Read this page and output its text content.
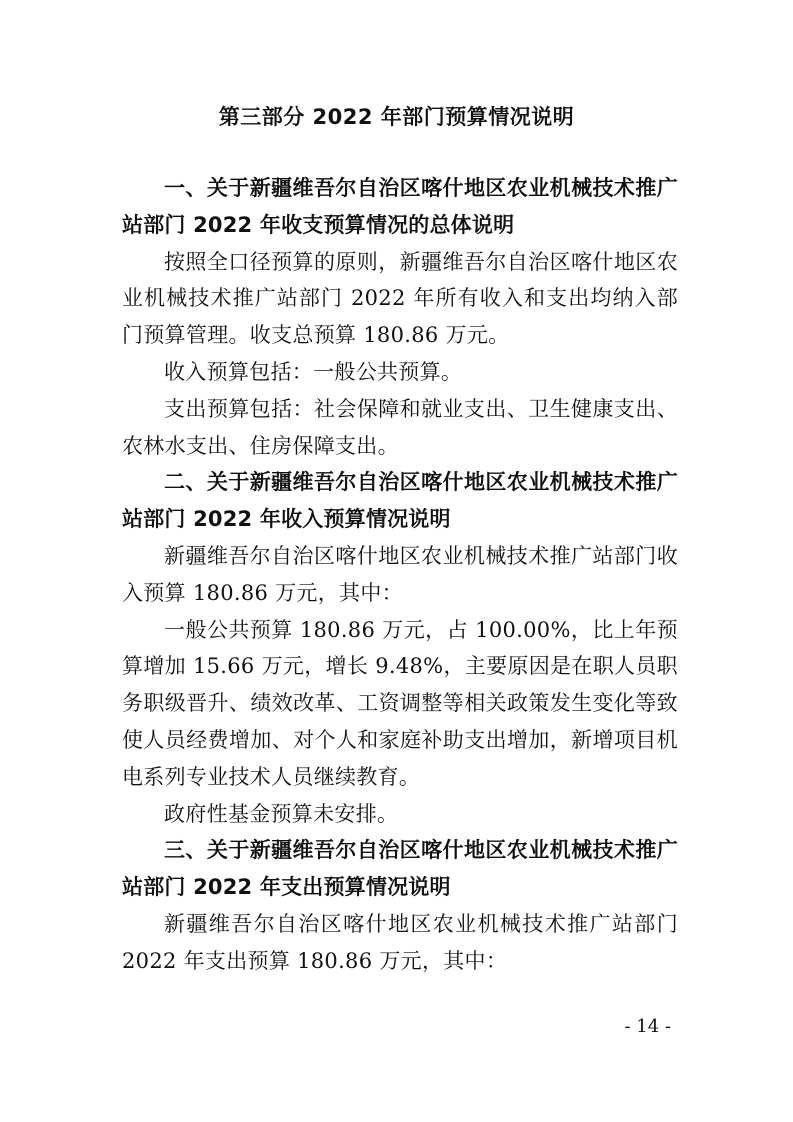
第三部分 2022 年部门预算情况说明

一、关于新疆维吾尔自治区喀什地区农业机械技术推广站部门 2022 年收支预算情况的总体说明

按照全口径预算的原则，新疆维吾尔自治区喀什地区农业机械技术推广站部门 2022 年所有收入和支出均纳入部门预算管理。收支总预算 180.86 万元。

收入预算包括：一般公共预算。

支出预算包括：社会保障和就业支出、卫生健康支出、农林水支出、住房保障支出。

二、关于新疆维吾尔自治区喀什地区农业机械技术推广站部门 2022 年收入预算情况说明

新疆维吾尔自治区喀什地区农业机械技术推广站部门收入预算 180.86 万元，其中：

一般公共预算 180.86 万元，占 100.00%，比上年预算增加 15.66 万元，增长 9.48%，主要原因是在职人员职务职级晋升、绩效改革、工资调整等相关政策发生变化等致使人员经费增加、对个人和家庭补助支出增加，新增项目机电系列专业技术人员继续教育。

政府性基金预算未安排。

三、关于新疆维吾尔自治区喀什地区农业机械技术推广站部门 2022 年支出预算情况说明

新疆维吾尔自治区喀什地区农业机械技术推广站部门 2022 年支出预算 180.86 万元，其中：

- 14 -
